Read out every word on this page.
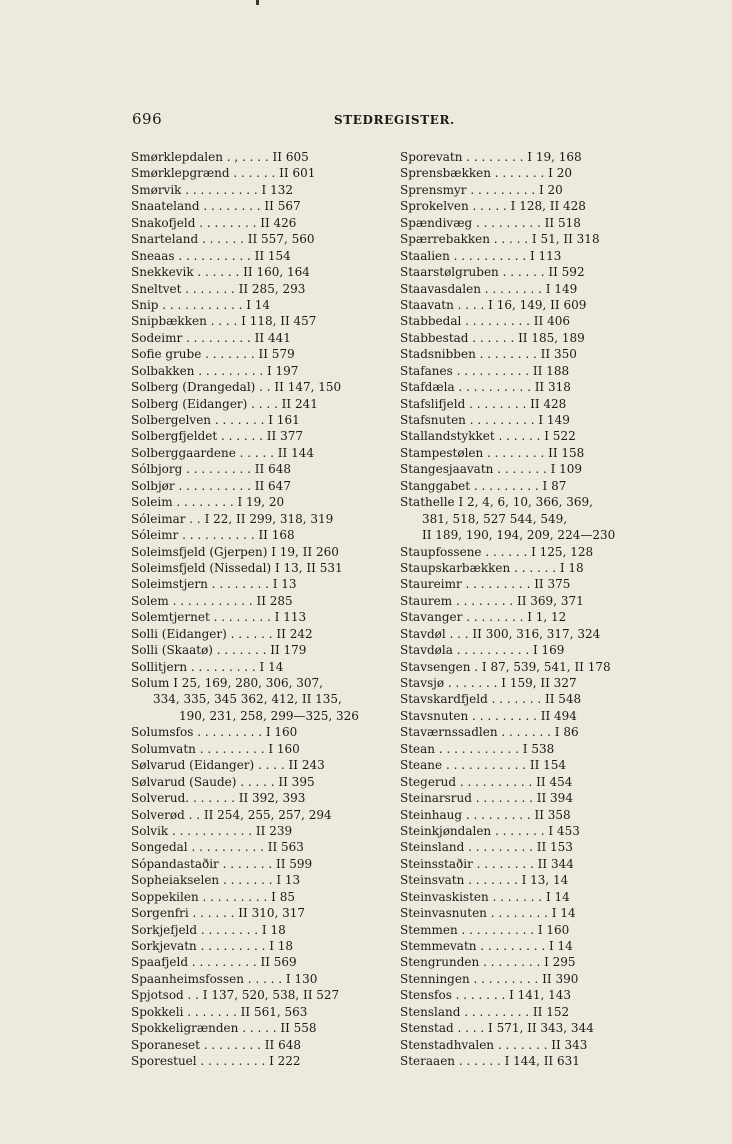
696	STEDREGISTER.
Smørklepdalen . , . . . . II 605
Smørklepgrænd . . . . . . II 601
Smørvik . . . . . . . . . . I 132
Snaateland . . . . . . . . II 567
Snakofjeld . . . . . . . . II 426
Snarteland . . . . . . II 557, 560
Sneaas . . . . . . . . . . II 154
Snekkevik . . . . . . II 160, 164
Sneltvet . . . . . . . II 285, 293
Snip . . . . . . . . . . . I 14
Snipbækken . . . . I 118, II 457
Sodeimr . . . . . . . . . II 441
Sofie grube . . . . . . . II 579
Solbakken . . . . . . . . . I 197
Solberg (Drangedal) . . II 147, 150
Solberg (Eidanger) . . . . II 241
Solbergelven . . . . . . . I 161
Solbergfjeldet . . . . . . II 377
Solberggaardene . . . . . II 144
Sólbjorg . . . . . . . . . II 648
Solbjør . . . . . . . . . . II 647
Soleim . . . . . . . . I 19, 20
Sóleimar . . I 22, II 299, 318, 319
Sóleimr . . . . . . . . . . II 168
Soleimsfjeld (Gjerpen) I 19, II 260
Soleimsfjeld (Nissedal) I 13, II 531
Soleimstjern . . . . . . . . I 13
Solem . . . . . . . . . . . II 285
Solemtjernet . . . . . . . . I 113
Solli (Eidanger) . . . . . . II 242
Solli (Skaatø) . . . . . . . II 179
Sollitjern . . . . . . . . . I 14
Solum I 25, 169, 280, 306, 307,
334, 335, 345 362, 412, II 135,
190, 231, 258, 299—325, 326
Solumsfos . . . . . . . . . I 160
Solumvatn . . . . . . . . . I 160
Sølvarud (Eidanger) . . . . II 243
Sølvarud (Saude) . . . . . II 395
Solverud. . . . . . . II 392, 393
Solverød . . II 254, 255, 257, 294
Solvik . . . . . . . . . . . II 239
Songedal . . . . . . . . . . II 563
Sópandastaðir . . . . . . . II 599
Sopheiakselen . . . . . . . I 13
Soppekilen . . . . . . . . . I 85
Sorgenfri . . . . . . II 310, 317
Sorkjefjeld . . . . . . . . I 18
Sorkjevatn . . . . . . . . . I 18
Spaafjeld . . . . . . . . . II 569
Spaanheimsfossen . . . . . I 130
Spjotsod . . I 137, 520, 538, II 527
Spokkeli . . . . . . . II 561, 563
Spokkeligrænden . . . . . II 558
Sporaneset . . . . . . . . II 648
Sporestuel . . . . . . . . . I 222
Sporevatn . . . . . . . . I 19, 168
Sprensbækken . . . . . . . I 20
Sprensmyr . . . . . . . . . I 20
Sprokelven . . . . . I 128, II 428
Spændivæg . . . . . . . . . II 518
Spærrebakken . . . . . I 51, II 318
Staalien . . . . . . . . . . I 113
Staarstølgruben . . . . . . II 592
Staavasdalen . . . . . . . . I 149
Staavatn . . . . I 16, 149, II 609
Stabbedal . . . . . . . . . II 406
Stabbestad . . . . . . II 185, 189
Stadsnibben . . . . . . . . II 350
Stafanes . . . . . . . . . . II 188
Stafdæla . . . . . . . . . . II 318
Stafslifjeld . . . . . . . . II 428
Stafsnuten . . . . . . . . . I 149
Stallandstykket . . . . . . I 522
Stampestølen . . . . . . . . II 158
Stangesjaavatn . . . . . . . I 109
Stanggabet . . . . . . . . . I 87
Stathelle I 2, 4, 6, 10, 366, 369,
381, 518, 527 544, 549,
II 189, 190, 194, 209, 224—230
Staupfossene . . . . . . I 125, 128
Staupskarbækken . . . . . . I 18
Staureimr . . . . . . . . . II 375
Staurem . . . . . . . . II 369, 371
Stavanger . . . . . . . . I 1, 12
Stavdøl . . . II 300, 316, 317, 324
Stavdøla . . . . . . . . . . I 169
Stavsengen . I 87, 539, 541, II 178
Stavsjø . . . . . . . I 159, II 327
Stavskardfjeld . . . . . . . II 548
Stavsnuten . . . . . . . . . II 494
Staværnssadlen . . . . . . . I 86
Stean . . . . . . . . . . . I 538
Steane . . . . . . . . . . . II 154
Stegerud . . . . . . . . . . II 454
Steinarsrud . . . . . . . . II 394
Steinhaug . . . . . . . . . II 358
Steinkjøndalen . . . . . . . I 453
Steinsland . . . . . . . . . II 153
Steinsstaðir . . . . . . . . II 344
Steinsvatn . . . . . . . I 13, 14
Steinvaskisten . . . . . . . I 14
Steinvasnuten . . . . . . . . I 14
Stemmen . . . . . . . . . . I 160
Stemmevatn . . . . . . . . . I 14
Stengrunden . . . . . . . . I 295
Stenningen . . . . . . . . . II 390
Stensfos . . . . . . . I 141, 143
Stensland . . . . . . . . . II 152
Stenstad . . . . I 571, II 343, 344
Stenstadhvalen . . . . . . . II 343
Steraaen . . . . . . I 144, II 631
